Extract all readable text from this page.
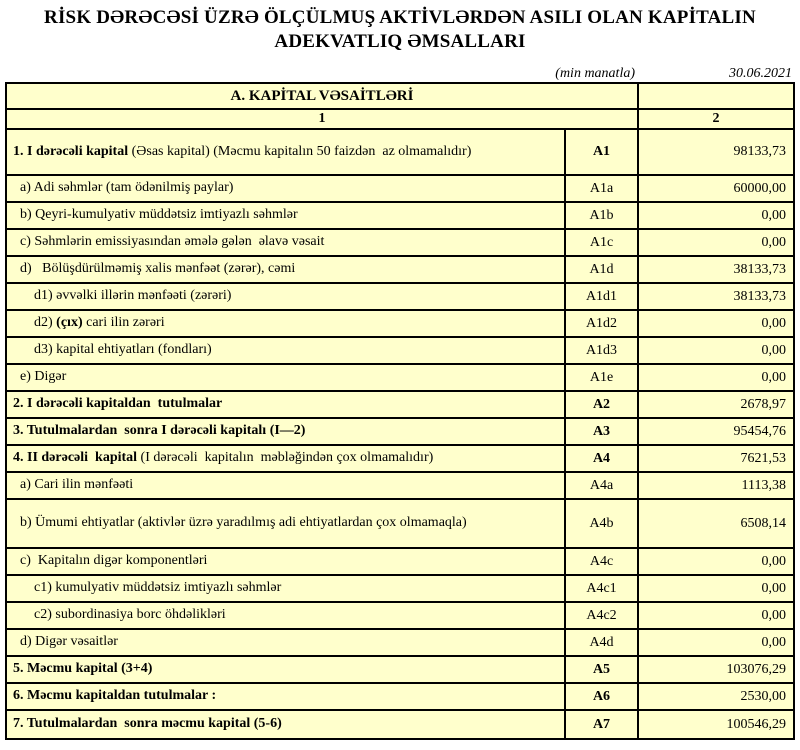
RİSK DƏRƏCƏSİ ÜZRƏ ÖLÇÜLMUŞ AKTİVLƏRDƏN ASILI OLAN KAPİTALIN
ADEKVATLIQ ƏMSALLARI
(min manatla)	30.06.2021
A. KAPİTAL VƏSAİTLƏRİ
1	2
1. I dərəcəli kapital (Əsas kapital) (Məcmu kapitalın 50 faizdən  az olmamalıdır)	A1	98133,73
a) Adi səhmlər (tam ödənilmiş paylar)	A1a	60000,00
b) Qeyri-kumulyativ müddətsiz imtiyazlı səhmlər	A1b	0,00
c) Səhmlərin emissiyasından əmələ gələn  əlavə vəsait	A1c	0,00
d)   Bölüşdürülməmiş xalis mənfəət (zərər), cəmi	A1d	38133,73
d1) əvvəlki illərin mənfəəti (zərəri)	A1d1	38133,73
d2) (çıx) cari ilin zərəri	A1d2	0,00
d3) kapital ehtiyatları (fondları)	A1d3	0,00
e) Digər	A1e	0,00
2. I dərəcəli kapitaldan  tutulmalar	A2	2678,97
3. Tutulmalardan  sonra I dərəcəli kapitalı (I—2)	A3	95454,76
4. II dərəcəli  kapital (I dərəcəli  kapitalın  məbləğindən çox olmamalıdır)	A4	7621,53
a) Cari ilin mənfəəti	A4a	1113,38
b) Ümumi ehtiyatlar (aktivlər üzrə yaradılmış adi ehtiyatlardan çox olmamaqla)	A4b	6508,14
c)  Kapitalın digər komponentləri	A4c	0,00
c1) kumulyativ müddətsiz imtiyazlı səhmlər	A4c1	0,00
c2) subordinasiya borc öhdəlikləri	A4c2	0,00
d) Digər vəsaitlər	A4d	0,00
5. Məcmu kapital (3+4)	A5	103076,29
6. Məcmu kapitaldan tutulmalar :	A6	2530,00
7. Tutulmalardan  sonra məcmu kapital (5-6)	A7	100546,29
